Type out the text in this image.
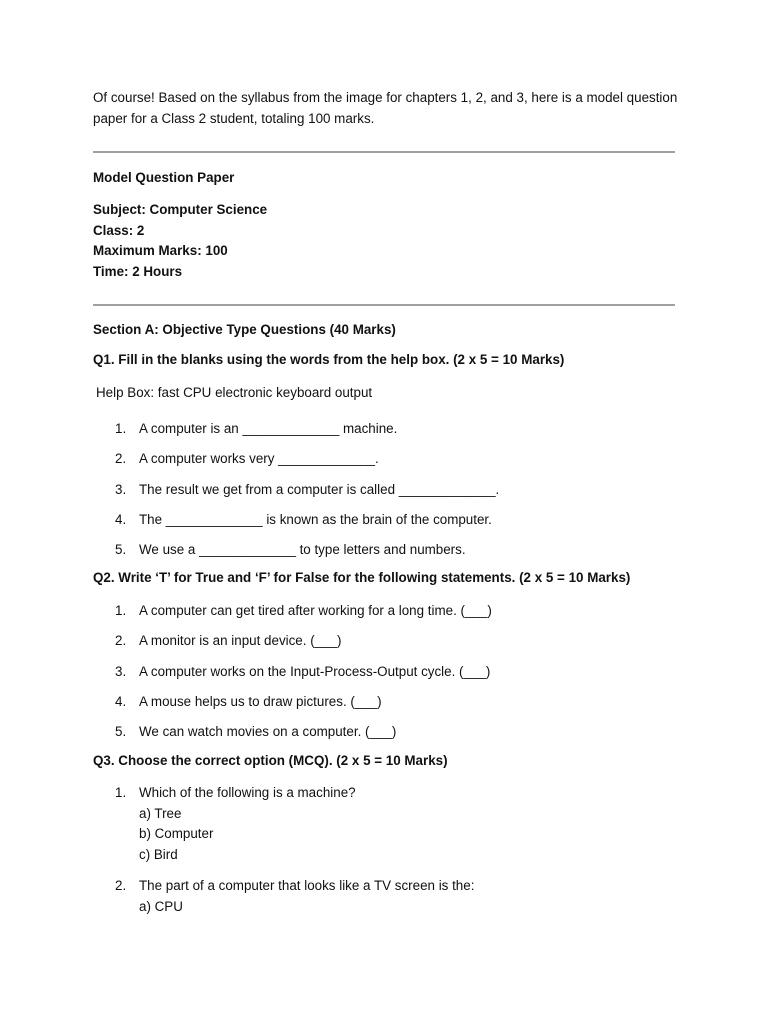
Of course! Based on the syllabus from the image for chapters 1, 2, and 3, here is a model question paper for a Class 2 student, totaling 100 marks.
Model Question Paper
Subject: Computer Science
Class: 2
Maximum Marks: 100
Time: 2 Hours
Section A: Objective Type Questions (40 Marks)
Q1. Fill in the blanks using the words from the help box. (2 x 5 = 10 Marks)
Help Box: fast CPU electronic keyboard output
1. A computer is an _____________ machine.
2. A computer works very _____________.
3. The result we get from a computer is called _____________.
4. The _____________ is known as the brain of the computer.
5. We use a _____________ to type letters and numbers.
Q2. Write ‘T’ for True and ‘F’ for False for the following statements. (2 x 5 = 10 Marks)
1. A computer can get tired after working for a long time. (___)
2. A monitor is an input device. (___)
3. A computer works on the Input-Process-Output cycle. (___)
4. A mouse helps us to draw pictures. (___)
5. We can watch movies on a computer. (___)
Q3. Choose the correct option (MCQ). (2 x 5 = 10 Marks)
1. Which of the following is a machine?
a) Tree
b) Computer
c) Bird
2. The part of a computer that looks like a TV screen is the:
a) CPU
